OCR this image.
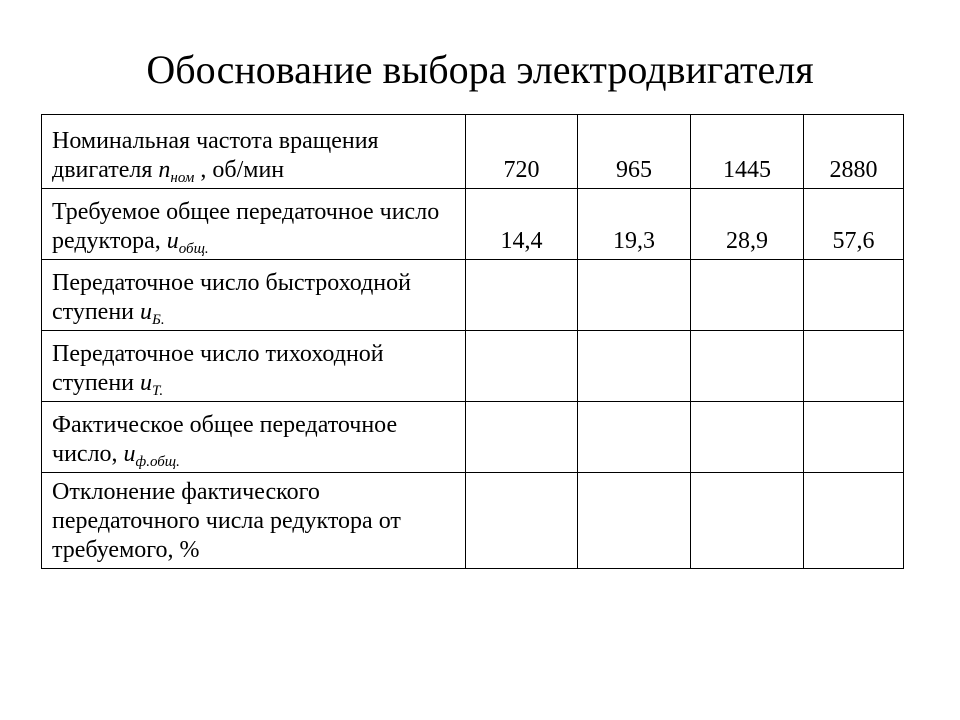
Обоснование выбора электродвигателя
Номинальная частота вращения двигателя $n_{ном}$ , об/мин	720	965	1445	2880
Требуемое общее передаточное число редуктора, $u_{общ.}$	14,4	19,3	28,9	57,6
Передаточное число быстроходной ступени $u_{Б.}$				
Передаточное число тихоходной ступени $u_{Т.}$				
Фактическое общее передаточное число, $u_{ф.общ.}$				
Отклонение фактического передаточного числа редуктора от требуемого, %				
